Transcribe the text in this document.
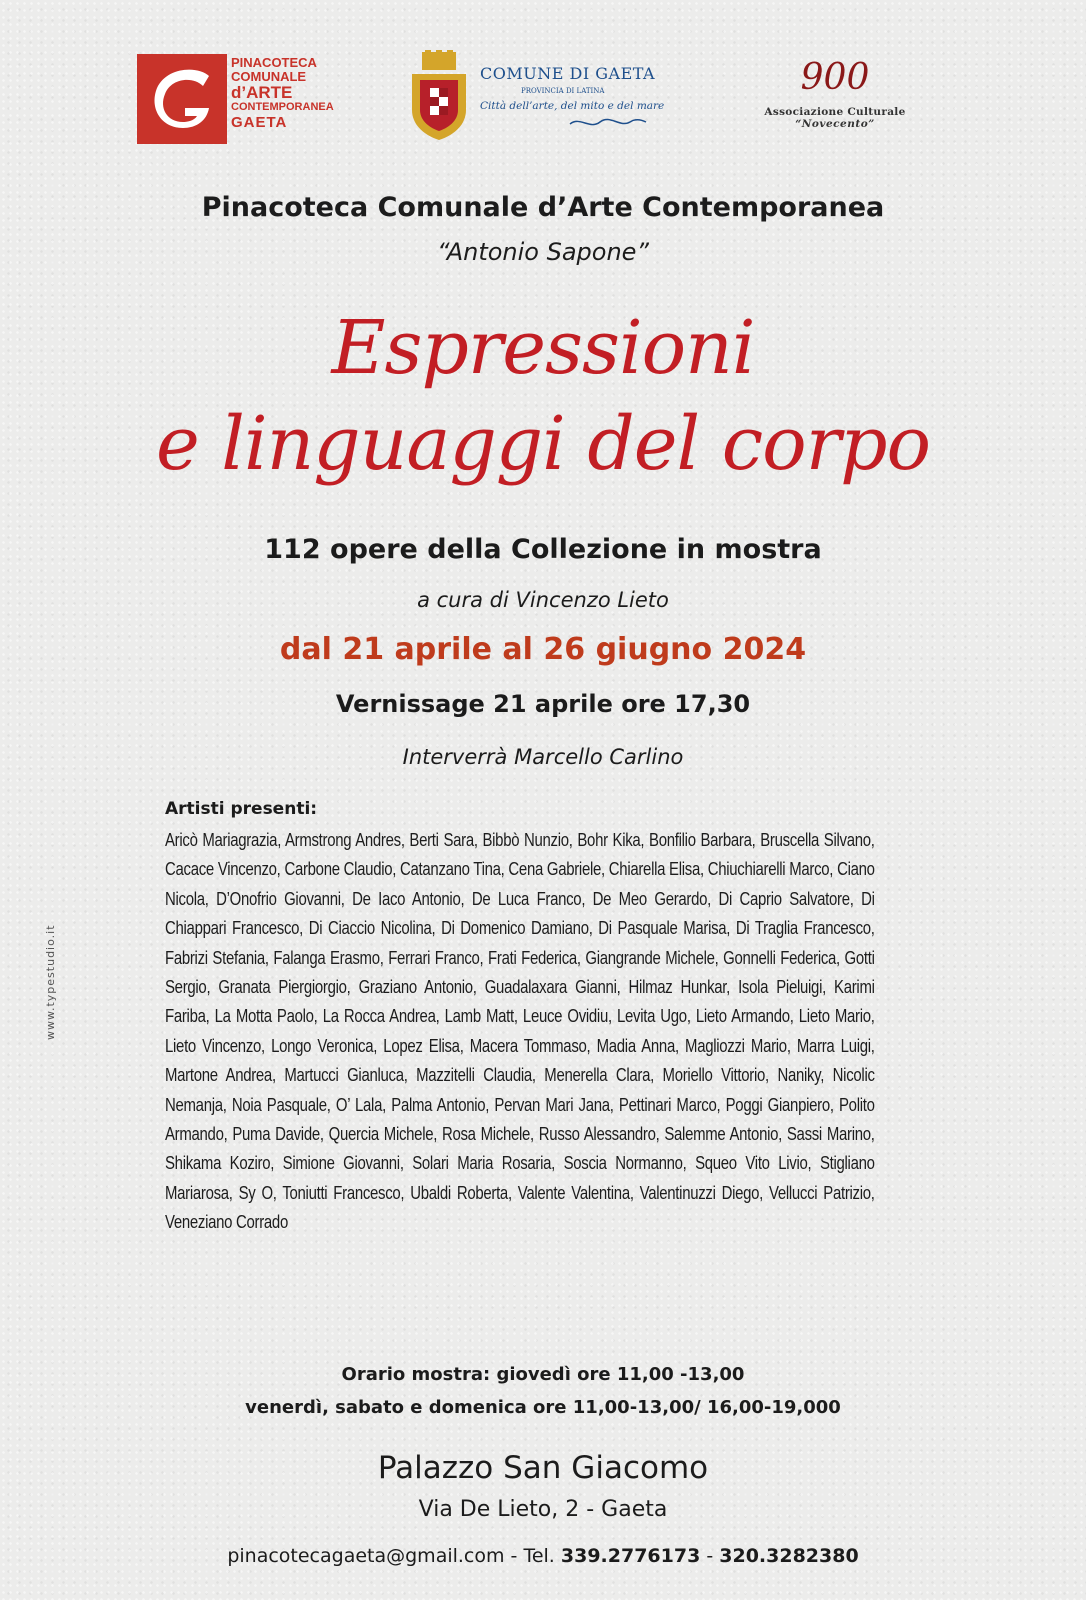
PINACOTECA
COMUNALE
d’ARTE
CONTEMPORANEA
GAETA
COMUNE DI GAETA
PROVINCIA DI LATINA
Città dell’arte, del mito e del mare
900
Associazione Culturale
“Novecento”
Pinacoteca Comunale d’Arte Contemporanea
“Antonio Sapone”
Espressioni
e linguaggi del corpo
112 opere della Collezione in mostra
a cura di Vincenzo Lieto
dal 21 aprile al 26 giugno 2024
Vernissage 21 aprile ore 17,30
Interverrà Marcello Carlino
Artisti presenti:
Aricò Mariagrazia, Armstrong Andres, Berti Sara, Bibbò Nunzio, Bohr Kika, Bonfilio Barbara, Bruscella Silvano, Cacace Vincenzo, Carbone Claudio, Catanzano Tina, Cena Gabriele, Chiarella Elisa, Chiuchiarelli Marco, Ciano Nicola, D’Onofrio Giovanni, De Iaco Antonio, De Luca Franco, De Meo Gerardo, Di Caprio Salvatore, Di Chiappari Francesco, Di Ciaccio Nicolina, Di Domenico Damiano, Di Pasquale Marisa, Di Traglia Francesco, Fabrizi Stefania, Falanga Erasmo, Ferrari Franco, Frati Federica, Giangrande Michele, Gonnelli Federica, Gotti Sergio, Granata Piergiorgio, Graziano Antonio, Guadalaxara Gianni, Hilmaz Hunkar, Isola Pieluigi, Karimi Fariba, La Motta Paolo, La Rocca Andrea, Lamb Matt, Leuce Ovidiu, Levita Ugo, Lieto Armando, Lieto Mario, Lieto Vincenzo, Longo Veronica, Lopez Elisa, Macera Tommaso, Madia Anna, Magliozzi Mario, Marra Luigi, Martone Andrea, Martucci Gianluca, Mazzitelli Claudia, Menerella Clara, Moriello Vittorio, Naniky, Nicolic Nemanja, Noia Pasquale, O’ Lala, Palma Antonio, Pervan Mari Jana, Pettinari Marco, Poggi Gianpiero, Polito Armando, Puma Davide, Quercia Michele, Rosa Michele, Russo Alessandro, Salemme Antonio, Sassi Marino, Shikama Koziro, Simione Giovanni, Solari Maria Rosaria, Soscia Normanno, Squeo Vito Livio, Stigliano Mariarosa, Sy O, Toniutti Francesco, Ubaldi Roberta, Valente Valentina, Valentinuzzi Diego, Vellucci Patrizio, Veneziano Corrado
Orario mostra: giovedì ore 11,00 -13,00
venerdì, sabato e domenica ore 11,00-13,00/ 16,00-19,000
Palazzo San Giacomo
Via De Lieto, 2 - Gaeta
pinacotecagaeta@gmail.com - Tel. 339.2776173 - 320.3282380
www.typestudio.it
